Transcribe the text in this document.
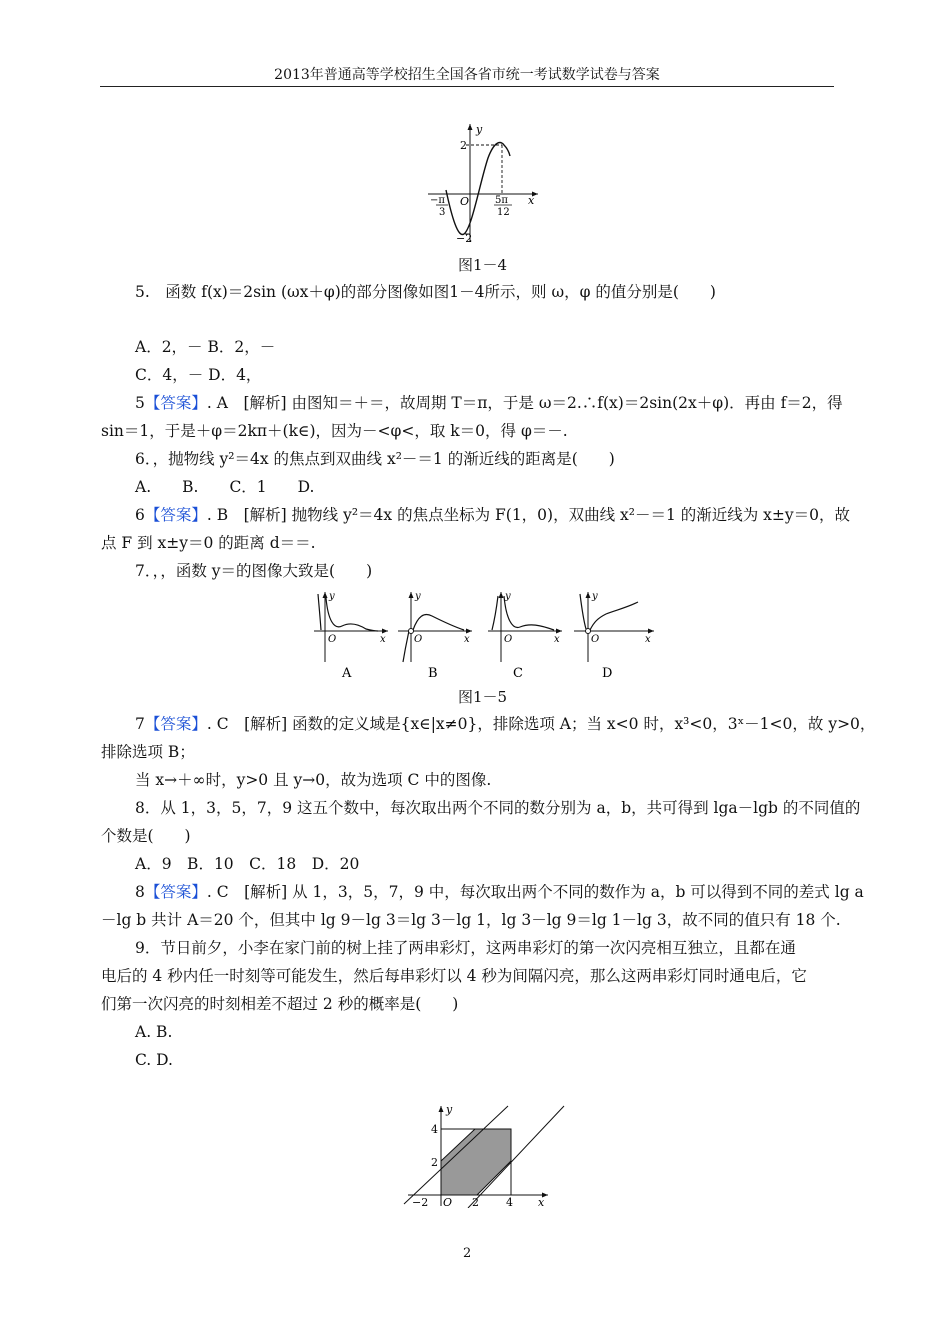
2013年普通高等学校招生全国各省市统一考试数学试卷与答案
y
x
O
2
−2
−π
3
5π
12
图1－4
5.　函数 f(x)＝2sin (ωx＋φ)的部分图像如图1－4所示，则 ω，φ 的值分别是(　　)
A．2，－ B．2，－
C．4，－ D．4，
5【答案】. A　[解析] 由图知＝＋＝，故周期 T＝π，于是 ω＝2.∴f(x)＝2sin(2x＋φ)．再由 f＝2，得
sin＝1，于是＋φ＝2kπ＋(k∈)，因为－<φ<，取 k＝0，得 φ＝－.
6．，抛物线 y²＝4x 的焦点到双曲线 x²－＝1 的渐近线的距离是(　　)
A.　　B.　　C．1　　D.
6【答案】. B　[解析] 抛物线 y²＝4x 的焦点坐标为 F(1，0)，双曲线 x²－＝1 的渐近线为 x±y＝0，故
点 F 到 x±y＝0 的距离 d＝＝.
7．，，函数 y＝的图像大致是(　　)
y
x
O
y
x
O
y
x
O
y
x
O
A	B	C	D
图1－5
7【答案】. C　[解析] 函数的定义域是{x∈|x≠0}，排除选项 A；当 x<0 时，x³<0，3ˣ－1<0，故 y>0，
排除选项 B；
当 x→＋∞时，y>0 且 y→0，故为选项 C 中的图像.
8．从 1，3，5，7，9 这五个数中，每次取出两个不同的数分别为 a，b，共可得到 lga－lgb 的不同值的
个数是(　　)
A．9　B．10　C．18　D．20
8【答案】. C　[解析] 从 1，3，5，7，9 中，每次取出两个不同的数作为 a，b 可以得到不同的差式 lg a
－lg b 共计 A＝20 个，但其中 lg 9－lg 3＝lg 3－lg 1，lg 3－lg 9＝lg 1－lg 3，故不同的值只有 18 个.
9．节日前夕，小李在家门前的树上挂了两串彩灯，这两串彩灯的第一次闪亮相互独立，且都在通
电后的 4 秒内任一时刻等可能发生，然后每串彩灯以 4 秒为间隔闪亮，那么这两串彩灯同时通电后，它
们第一次闪亮的时刻相差不超过 2 秒的概率是(　　)
A. B.
C. D.
y
x
O
4
2
−2	2 4
2
